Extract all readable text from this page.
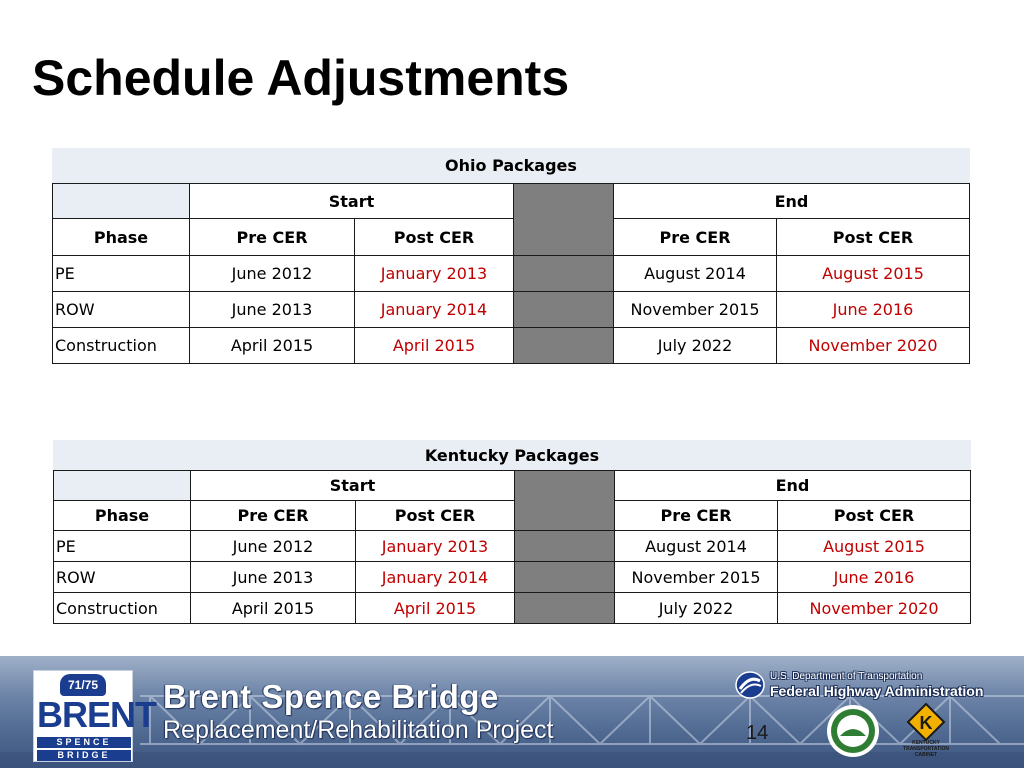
Schedule Adjustments
Ohio Packages
Start	End
Phase	Pre CER	Post CER	Pre CER	Post CER
PE	June 2012	January 2013	August 2014	August 2015
ROW	June 2013	January 2014	November 2015	June 2016
Construction	April 2015	April 2015	July 2022	November 2020
Kentucky Packages
Start	End
Phase	Pre CER	Post CER	Pre CER	Post CER
PE	June 2012	January 2013	August 2014	August 2015
ROW	June 2013	January 2014	November 2015	June 2016
Construction	April 2015	April 2015	July 2022	November 2020
71/75
BRENT
SPENCE
BRIDGE
Brent Spence Bridge
Replacement/Rehabilitation Project	14
U.S. Department of Transportation
Federal Highway Administration
K
KENTUCKY TRANSPORTATION CABINET
